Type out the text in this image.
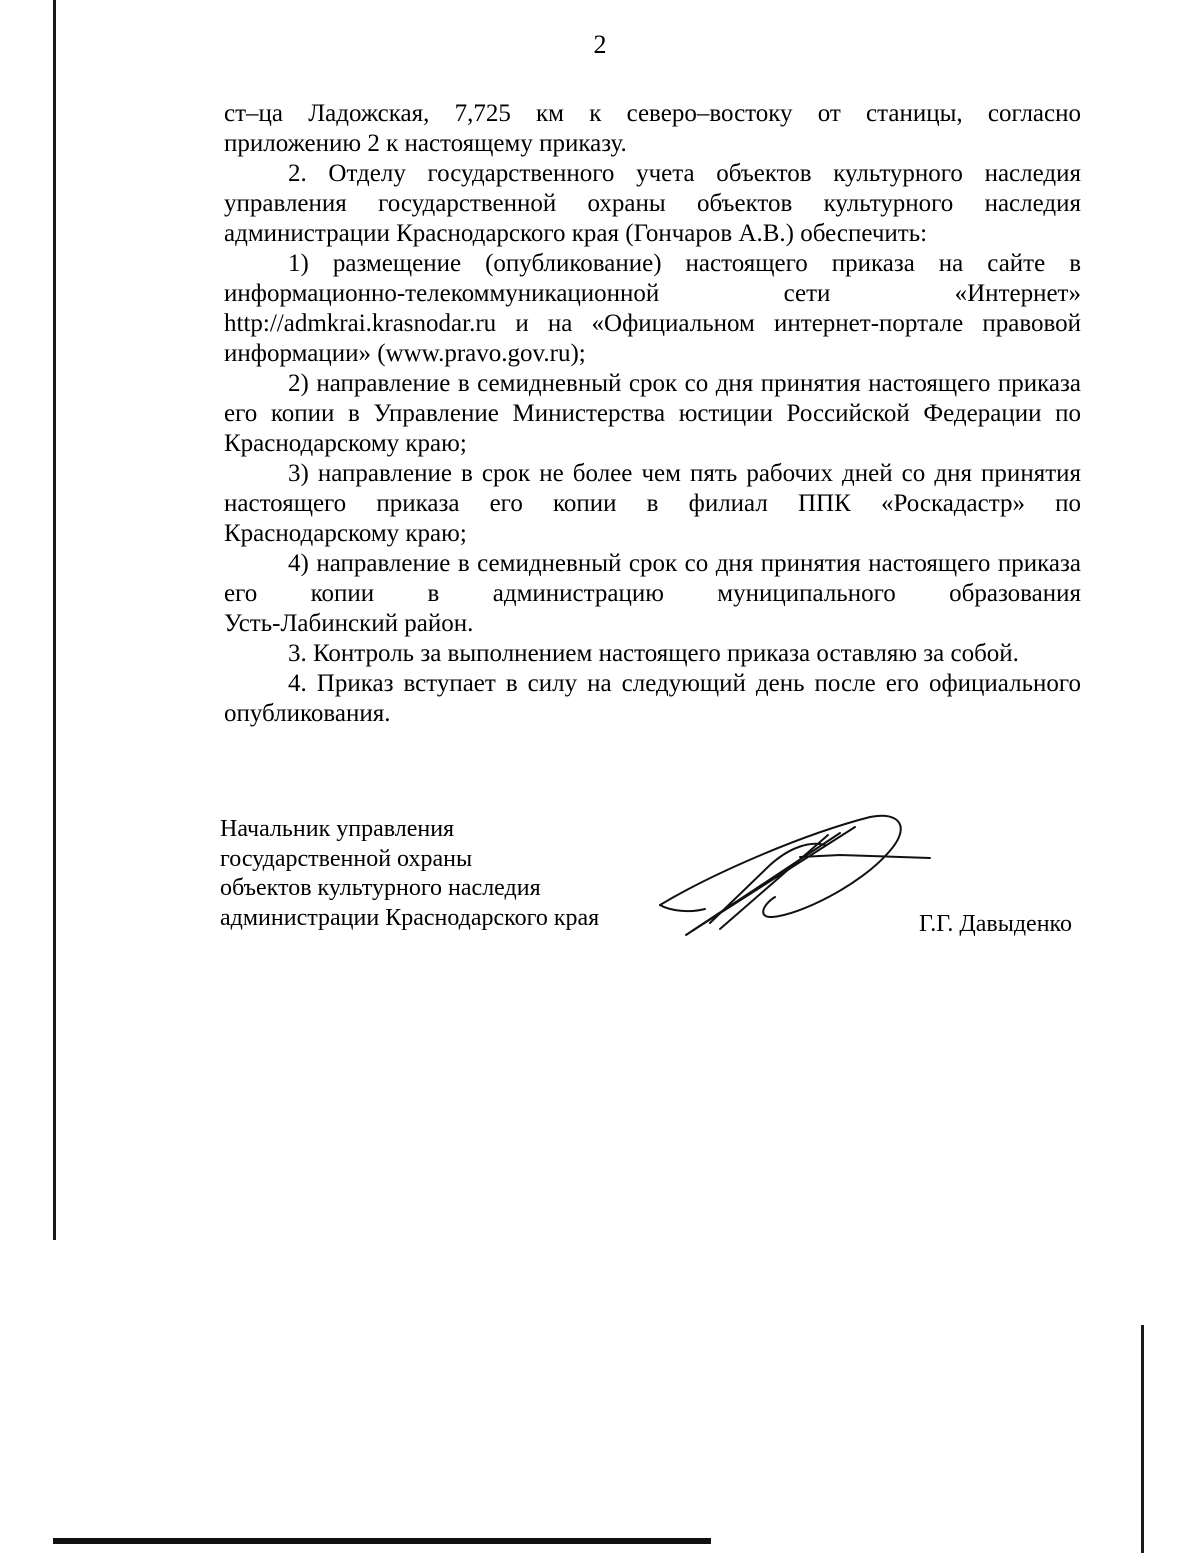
2

ст–ца Ладожская, 7,725 км к северо–востоку от станицы, согласно
приложению 2 к настоящему приказу.

2. Отделу государственного учета объектов культурного наследия
управления государственной охраны объектов культурного наследия
администрации Краснодарского края (Гончаров А.В.) обеспечить:

1) размещение (опубликование) настоящего приказа на сайте в
информационно-телекоммуникационной сети «Интернет»
http://admkrai.krasnodar.ru и на «Официальном интернет-портале правовой
информации» (www.pravo.gov.ru);

2) направление в семидневный срок со дня принятия настоящего приказа
его копии в Управление Министерства юстиции Российской Федерации по
Краснодарскому краю;

3) направление в срок не более чем пять рабочих дней со дня принятия
настоящего приказа его копии в филиал ППК «Роскадастр» по
Краснодарскому краю;

4) направление в семидневный срок со дня принятия настоящего приказа
его копии в администрацию муниципального образования
Усть-Лабинский район.

3. Контроль за выполнением настоящего приказа оставляю за собой.

4. Приказ вступает в силу на следующий день после его официального
опубликования.

Начальник управления
государственной охраны
объектов культурного наследия
администрации Краснодарского края	Г.Г. Давыденко
